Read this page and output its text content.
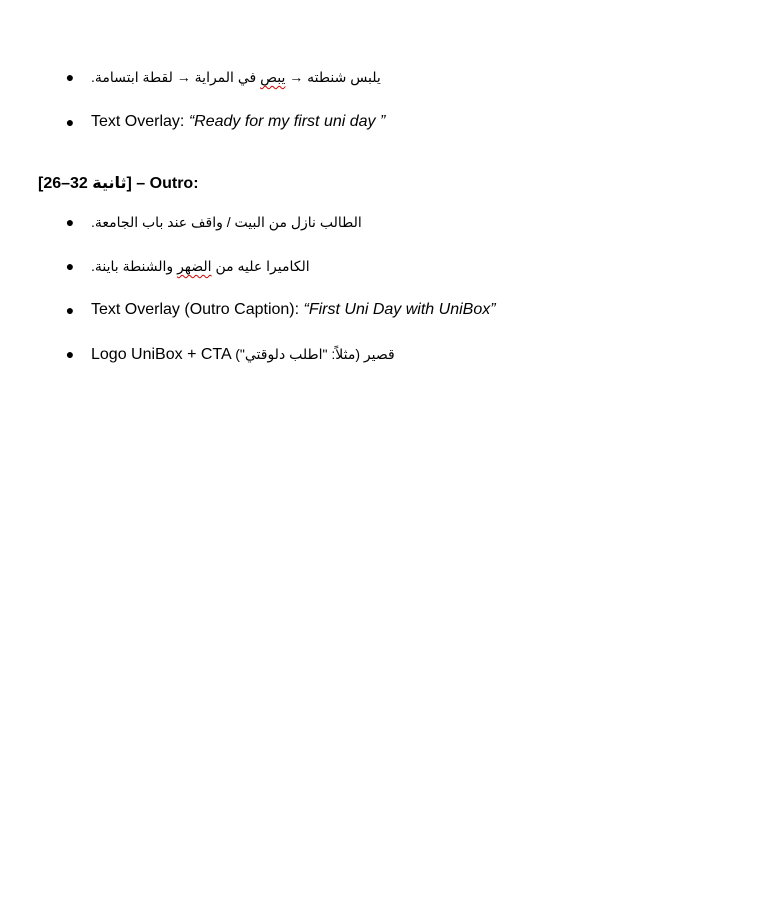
●	يلبس شنطته → يبص في المراية → لقطة ابتسامة.
● Text Overlay: “Ready for my first uni day ”
[26–32 ثانية] – Outro:
● الطالب نازل من البيت / واقف عند باب الجامعة.
●	الكاميرا عليه من الضهر والشنطة باينة.
● Text Overlay (Outro Caption): “First Uni Day with UniBox”
● Logo UniBox + CTA قصير (مثلاً: "اطلب دلوقتي")
